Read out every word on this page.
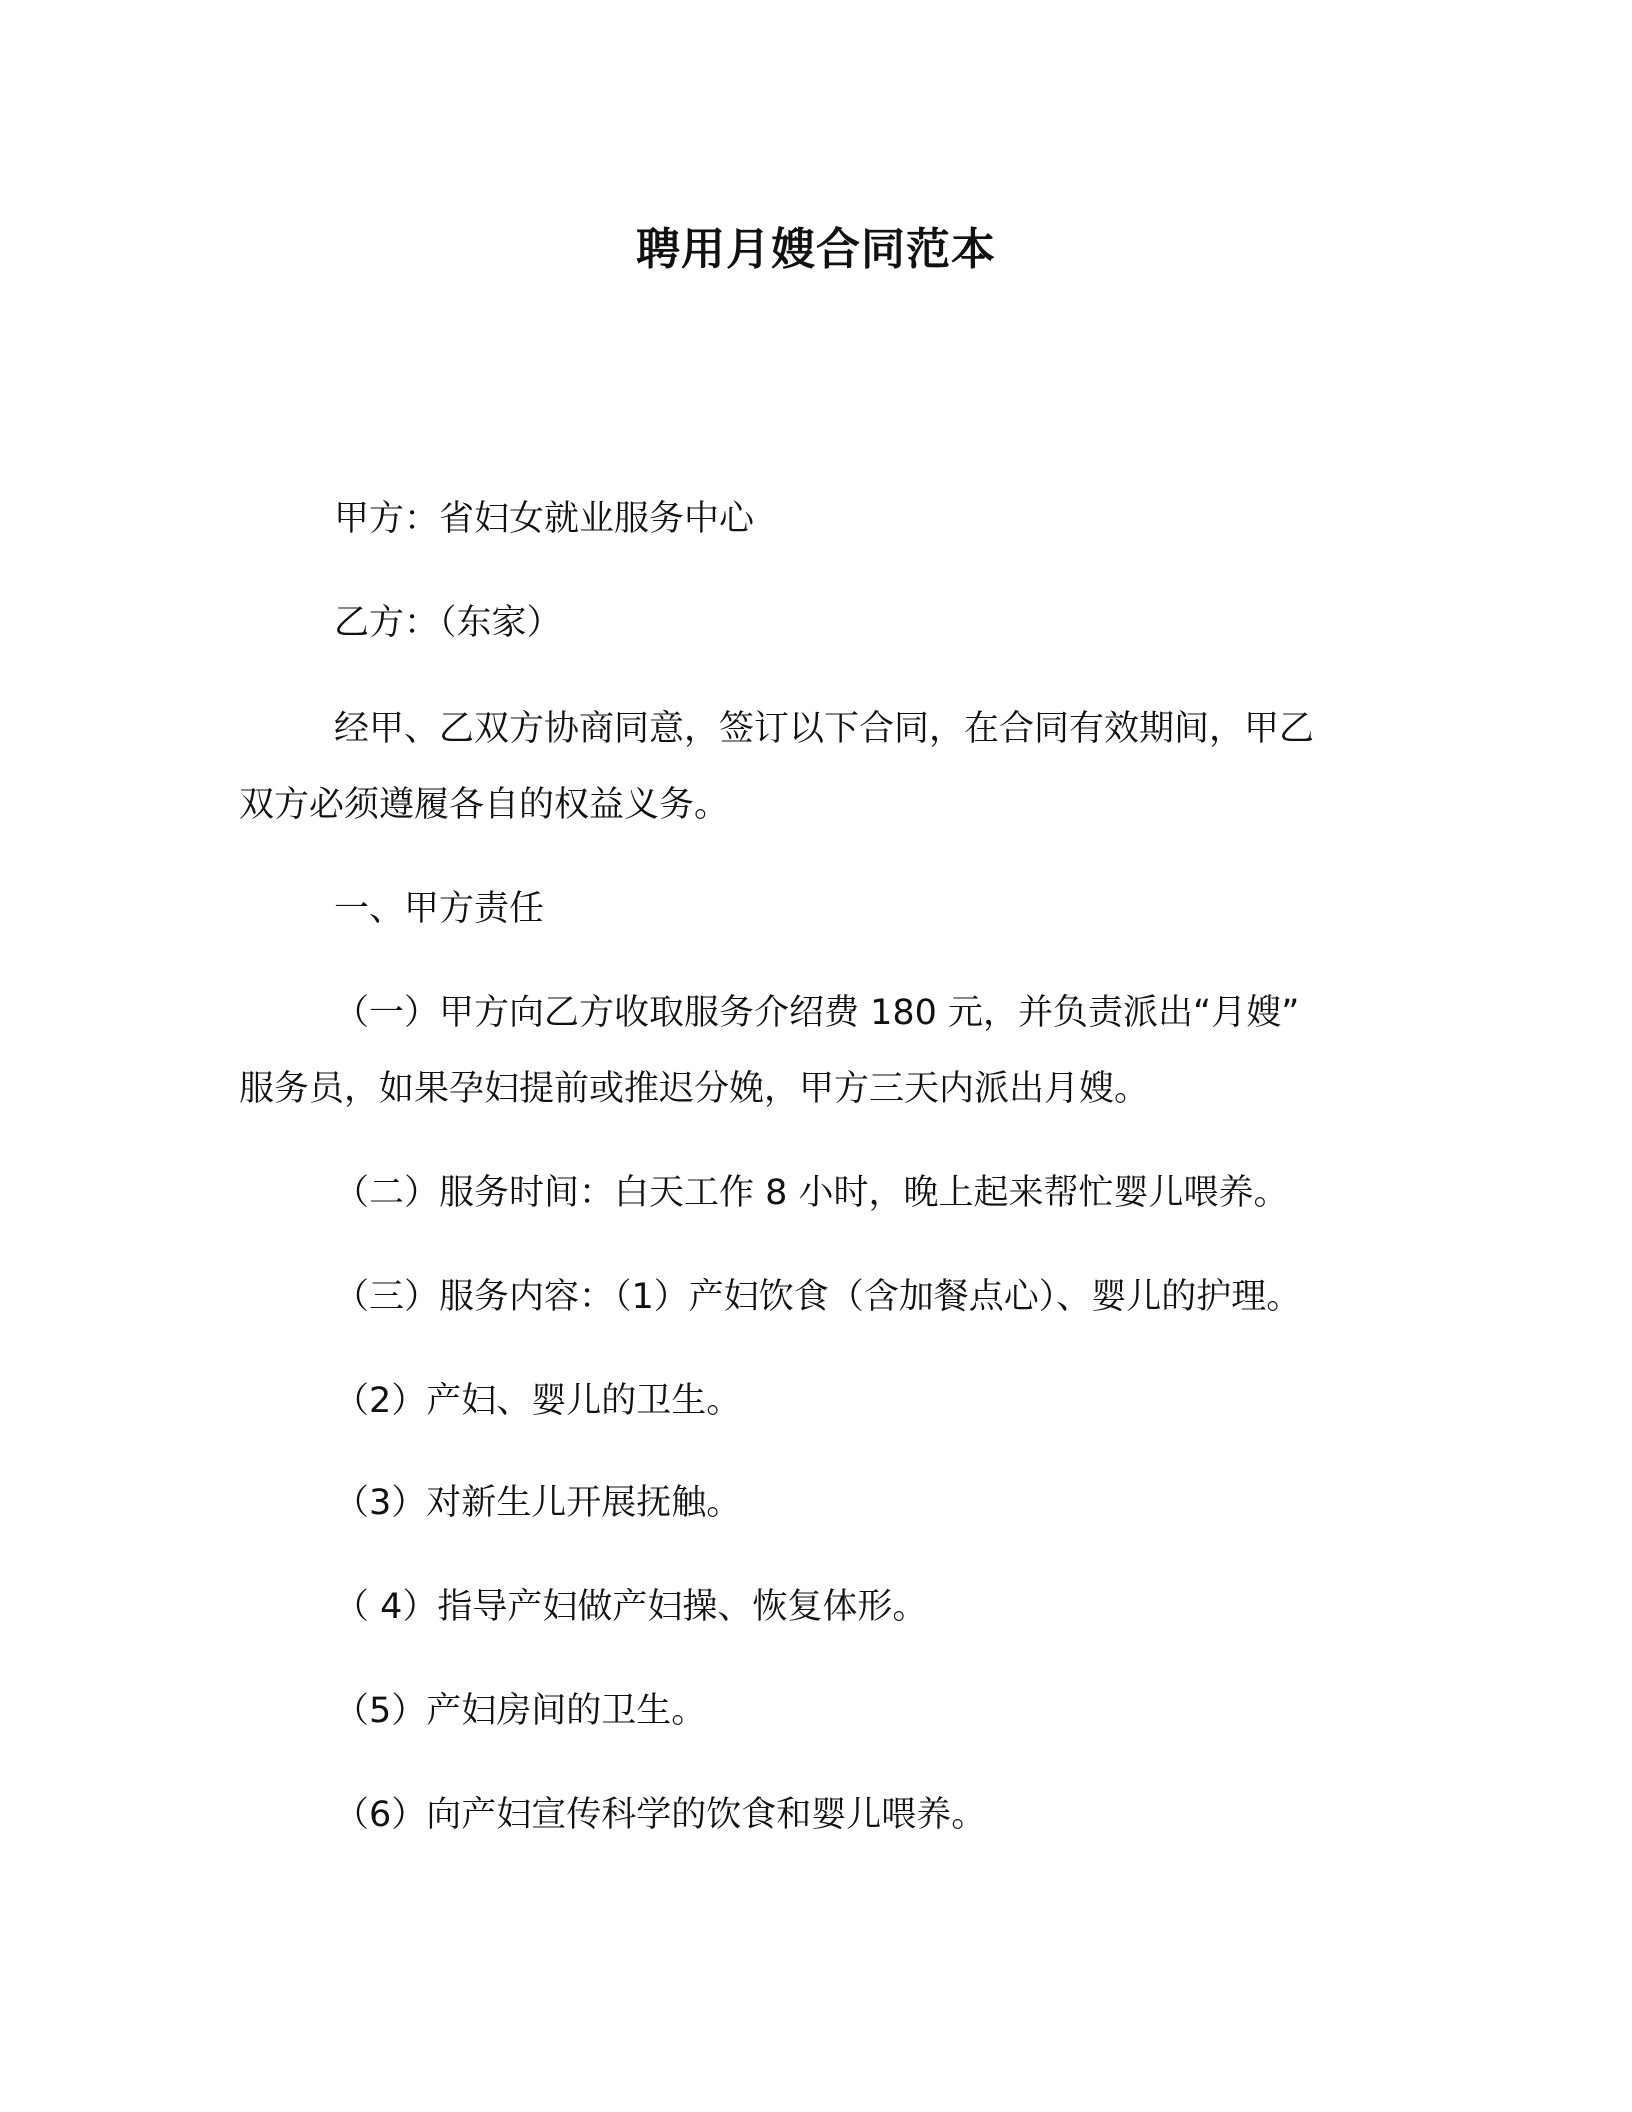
聘用月嫂合同范本
甲方：省妇女就业服务中心
乙方：（东家）
经甲、乙双方协商同意，签订以下合同，在合同有效期间，甲乙
双方必须遵履各自的权益义务。
一、甲方责任
（一）甲方向乙方收取服务介绍费 180 元，并负责派出“月嫂”
服务员，如果孕妇提前或推迟分娩，甲方三天内派出月嫂。
（二）服务时间：白天工作 8 小时，晚上起来帮忙婴儿喂养。
（三）服务内容：（1）产妇饮食（含加餐点心）、婴儿的护理。
（2）产妇、婴儿的卫生。
（3）对新生儿开展抚触。
（ 4）指导产妇做产妇操、恢复体形。
（5）产妇房间的卫生。
（6）向产妇宣传科学的饮食和婴儿喂养。
